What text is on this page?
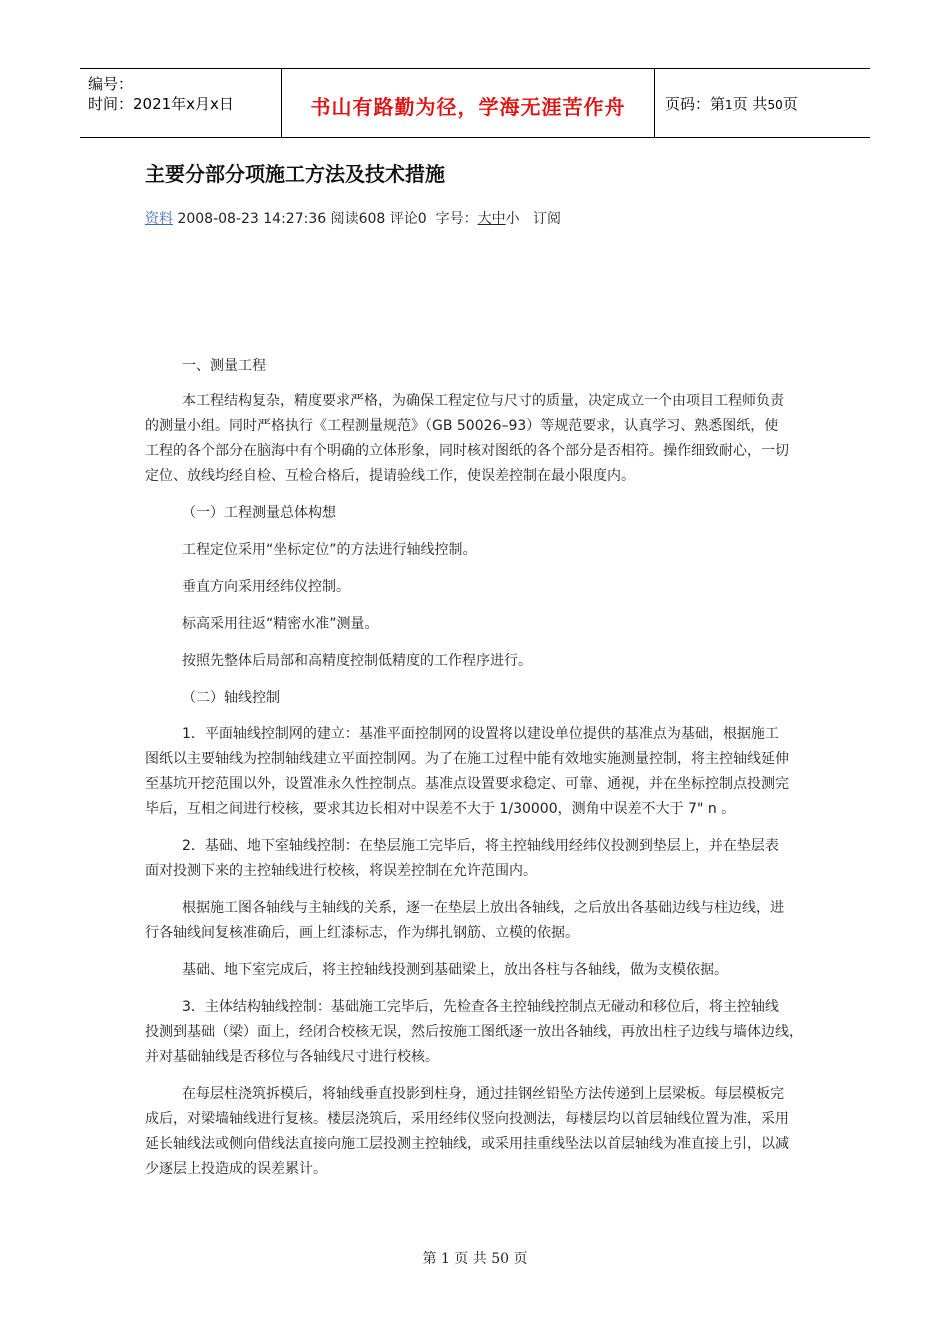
编号：
时间：2021年x月x日	书山有路勤为径，学海无涯苦作舟	页码：第1页 共50页
主要分部分项施工方法及技术措施
资料 2008-08-23 14:27:36 阅读608 评论0 字号：大中小 订阅
一、测量工程
本工程结构复杂，精度要求严格，为确保工程定位与尺寸的质量，决定成立一个由项目工程师负责
的测量小组。同时严格执行《工程测量规范》（GB 50026–93）等规范要求，认真学习、熟悉图纸，使
工程的各个部分在脑海中有个明确的立体形象，同时核对图纸的各个部分是否相符。操作细致耐心，一切
定位、放线均经自检、互检合格后，提请验线工作，使误差控制在最小限度内。
（一）工程测量总体构想
工程定位采用“坐标定位”的方法进行轴线控制。
垂直方向采用经纬仪控制。
标高采用往返“精密水准”测量。
按照先整体后局部和高精度控制低精度的工作程序进行。
（二）轴线控制
1．平面轴线控制网的建立：基准平面控制网的设置将以建设单位提供的基准点为基础，根据施工
图纸以主要轴线为控制轴线建立平面控制网。为了在施工过程中能有效地实施测量控制，将主控轴线延伸
至基坑开挖范围以外，设置准永久性控制点。基准点设置要求稳定、可靠、通视，并在坐标控制点投测完
毕后，互相之间进行校核，要求其边长相对中误差不大于 1/30000，测角中误差不大于 7" n 。
2．基础、地下室轴线控制：在垫层施工完毕后，将主控轴线用经纬仪投测到垫层上，并在垫层表
面对投测下来的主控轴线进行校核，将误差控制在允许范围内。
根据施工图各轴线与主轴线的关系，逐一在垫层上放出各轴线，之后放出各基础边线与柱边线，进
行各轴线间复核准确后，画上红漆标志，作为绑扎钢筋、立模的依据。
基础、地下室完成后，将主控轴线投测到基础梁上，放出各柱与各轴线，做为支模依据。
3．主体结构轴线控制：基础施工完毕后，先检查各主控轴线控制点无碰动和移位后，将主控轴线
投测到基础（梁）面上，经闭合校核无误，然后按施工图纸逐一放出各轴线，再放出柱子边线与墙体边线，
并对基础轴线是否移位与各轴线尺寸进行校核。
在每层柱浇筑拆模后，将轴线垂直投影到柱身，通过挂钢丝铅坠方法传递到上层梁板。每层模板完
成后，对梁墙轴线进行复核。楼层浇筑后，采用经纬仪竖向投测法，每楼层均以首层轴线位置为准，采用
延长轴线法或侧向借线法直接向施工层投测主控轴线，或采用挂重线坠法以首层轴线为准直接上引，以减
少逐层上投造成的误差累计。
第 1 页 共 50 页
